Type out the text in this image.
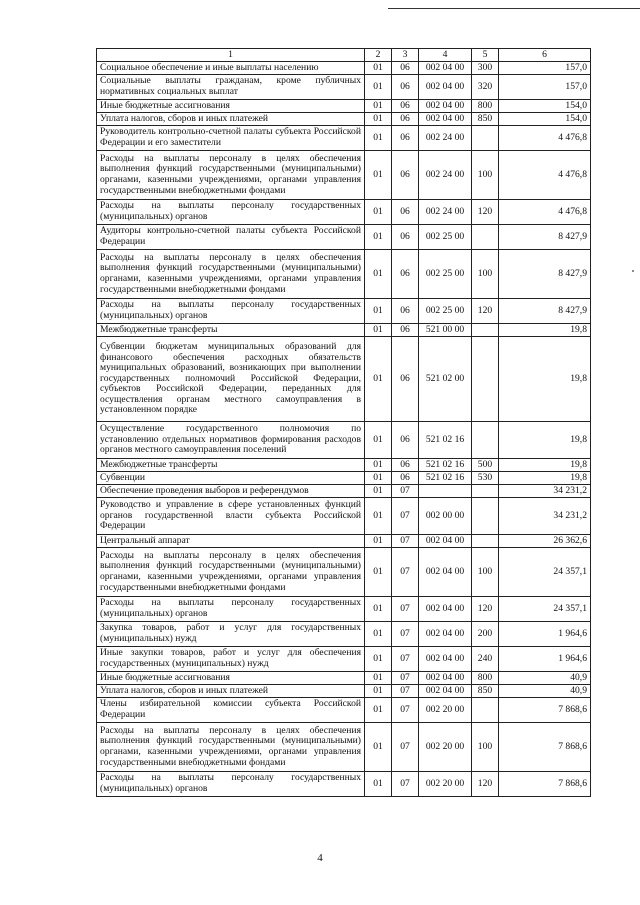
1	2	3	4	5	6
Социальное обеспечение и иные выплаты населению	01	06	002 04 00	300	157,0
Социальные выплаты гражданам, кроме публичных нормативных социальных выплат	01	06	002 04 00	320	157,0
Иные бюджетные ассигнования	01	06	002 04 00	800	154,0
Уплата налогов, сборов и иных платежей	01	06	002 04 00	850	154,0
Руководитель контрольно-счетной палаты субъекта Российской Федерации и его заместители	01	06	002 24 00		4 476,8
Расходы на выплаты персоналу в целях обеспечения выполнения функций государственными (муниципальными) органами, казенными учреждениями, органами управления государственными внебюджетными фондами	01	06	002 24 00	100	4 476,8
Расходы на выплаты персоналу государственных (муниципальных) органов	01	06	002 24 00	120	4 476,8
Аудиторы контрольно-счетной палаты субъекта Российской Федерации	01	06	002 25 00		8 427,9
Расходы на выплаты персоналу в целях обеспечения выполнения функций государственными (муниципальными) органами, казенными учреждениями, органами управления государственными внебюджетными фондами	01	06	002 25 00	100	8 427,9
Расходы на выплаты персоналу государственных (муниципальных) органов	01	06	002 25 00	120	8 427,9
Межбюджетные трансферты	01	06	521 00 00		19,8
Субвенции бюджетам муниципальных образований для финансового обеспечения расходных обязательств муниципальных образований, возникающих при выполнении государственных полномочий Российской Федерации, субъектов Российской Федерации, переданных для осуществления органам местного самоуправления в установленном порядке	01	06	521 02 00		19,8
Осуществление государственного полномочия по установлению отдельных нормативов формирования расходов органов местного самоуправления поселений	01	06	521 02 16		19,8
Межбюджетные трансферты	01	06	521 02 16	500	19,8
Субвенции	01	06	521 02 16	530	19,8
Обеспечение проведения выборов и референдумов	01	07			34 231,2
Руководство и управление в сфере установленных функций органов государственной власти субъекта Российской Федерации	01	07	002 00 00		34 231,2
Центральный аппарат	01	07	002 04 00		26 362,6
Расходы на выплаты персоналу в целях обеспечения выполнения функций государственными (муниципальными) органами, казенными учреждениями, органами управления государственными внебюджетными фондами	01	07	002 04 00	100	24 357,1
Расходы на выплаты персоналу государственных (муниципальных) органов	01	07	002 04 00	120	24 357,1
Закупка товаров, работ и услуг для государственных (муниципальных) нужд	01	07	002 04 00	200	1 964,6
Иные закупки товаров, работ и услуг для обеспечения государственных (муниципальных) нужд	01	07	002 04 00	240	1 964,6
Иные бюджетные ассигнования	01	07	002 04 00	800	40,9
Уплата налогов, сборов и иных платежей	01	07	002 04 00	850	40,9
Члены избирательной комиссии субъекта Российской Федерации	01	07	002 20 00		7 868,6
Расходы на выплаты персоналу в целях обеспечения выполнения функций государственными (муниципальными) органами, казенными учреждениями, органами управления государственными внебюджетными фондами	01	07	002 20 00	100	7 868,6
Расходы на выплаты персоналу государственных (муниципальных) органов	01	07	002 20 00	120	7 868,6
4
